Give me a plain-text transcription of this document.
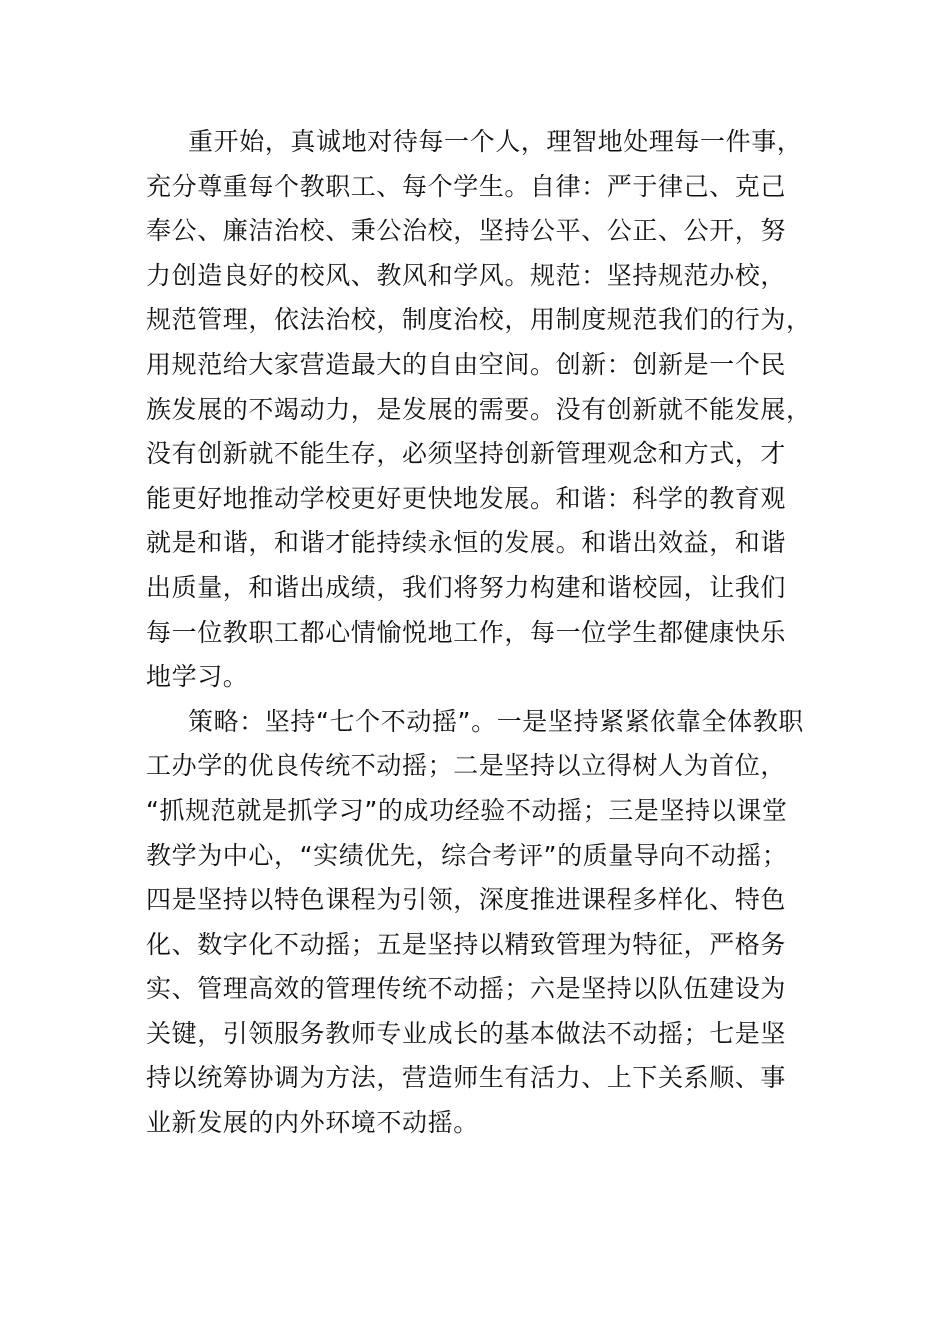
重开始，真诚地对待每一个人，理智地处理每一件事，
充分尊重每个教职工、每个学生。自律：严于律己、克己
奉公、廉洁治校、秉公治校，坚持公平、公正、公开，努
力创造良好的校风、教风和学风。规范：坚持规范办校，
规范管理，依法治校，制度治校，用制度规范我们的行为，
用规范给大家营造最大的自由空间。创新：创新是一个民
族发展的不竭动力，是发展的需要。没有创新就不能发展，
没有创新就不能生存，必须坚持创新管理观念和方式，才
能更好地推动学校更好更快地发展。和谐：科学的教育观
就是和谐，和谐才能持续永恒的发展。和谐出效益，和谐
出质量，和谐出成绩，我们将努力构建和谐校园，让我们
每一位教职工都心情愉悦地工作，每一位学生都健康快乐
地学习。
策略：坚持“七个不动摇”。一是坚持紧紧依靠全体教职
工办学的优良传统不动摇；二是坚持以立得树人为首位，
“抓规范就是抓学习”的成功经验不动摇；三是坚持以课堂
教学为中心，“实绩优先，综合考评”的质量导向不动摇；
四是坚持以特色课程为引领，深度推进课程多样化、特色
化、数字化不动摇；五是坚持以精致管理为特征，严格务
实、管理高效的管理传统不动摇；六是坚持以队伍建设为
关键，引领服务教师专业成长的基本做法不动摇；七是坚
持以统筹协调为方法，营造师生有活力、上下关系顺、事
业新发展的内外环境不动摇。
